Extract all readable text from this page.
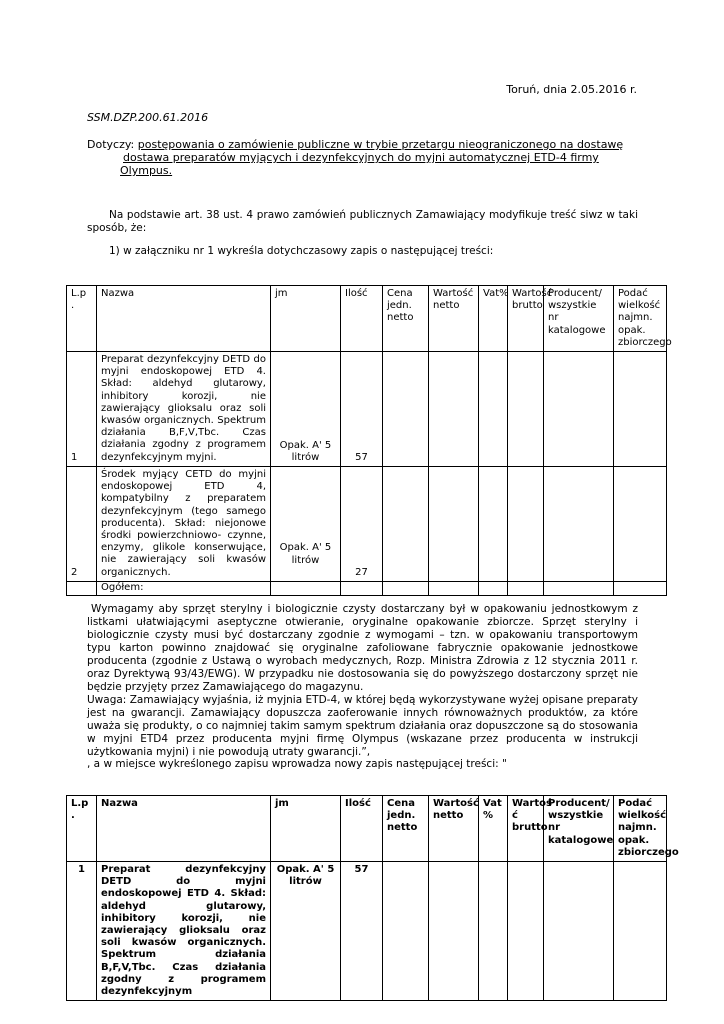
Toruń, dnia 2.05.2016 r.
SSM.DZP.200.61.2016
Dotyczy: postępowania o zamówienie publiczne w trybie przetargu nieograniczonego na dostawę
dostawa preparatów myjących i dezynfekcyjnych do myjni automatycznej ETD-4 firmy
Olympus.
Na podstawie art. 38 ust. 4 prawo zamówień publicznych Zamawiający modyfikuje treść siwz w taki sposób, że:
1) w załączniku nr 1 wykreśla dotychczasowy zapis o następującej treści:
L.p .	Nazwa	jm	Ilość	Cena jedn. netto	Wartość netto	Vat%	Wartość brutto	Producent/ wszystkie nr katalogowe	Podać wielkość najmn. opak. zbiorczego
1	Preparat dezynfekcyjny DETD do myjni endoskopowej ETD 4. Skład: aldehyd glutarowy, inhibitory korozji, nie zawierający glioksalu oraz soli kwasów organicznych. Spektrum działania B,F,V,Tbc. Czas działania zgodny z programem dezynfekcyjnym myjni.	Opak. A' 5 litrów	57						
2	Środek myjący CETD do myjni endoskopowej ETD 4, kompatybilny z preparatem dezynfekcyjnym (tego samego producenta). Skład: niejonowe środki powierzchniowo- czynne, enzymy, glikole konserwujące, nie zawierający soli kwasów organicznych.	Opak. A' 5 litrów	27						
	Ogółem:								
Wymagamy aby sprzęt sterylny i biologicznie czysty dostarczany był w opakowaniu jednostkowym z listkami ułatwiającymi aseptyczne otwieranie, oryginalne opakowanie zbiorcze. Sprzęt sterylny i biologicznie czysty musi być dostarczany zgodnie z wymogami – tzn. w opakowaniu transportowym typu karton powinno znajdować się oryginalne zafoliowane fabrycznie opakowanie jednostkowe producenta (zgodnie z Ustawą o wyrobach medycznych, Rozp. Ministra Zdrowia z 12 stycznia 2011 r. oraz Dyrektywą 93/43/EWG). W przypadku nie dostosowania się do powyższego dostarczony sprzęt nie będzie przyjęty przez Zamawiającego do magazynu.
Uwaga: Zamawiający wyjaśnia, iż myjnia ETD-4, w której będą wykorzystywane wyżej opisane preparaty jest na gwarancji. Zamawiający dopuszcza zaoferowanie innych równoważnych produktów, za które uważa się produkty, o co najmniej takim samym spektrum działania oraz dopuszczone są do stosowania w myjni ETD4 przez producenta myjni firmę Olympus (wskazane przez producenta w instrukcji użytkowania myjni) i nie powodują utraty gwarancji.”,
, a w miejsce wykreślonego zapisu wprowadza nowy zapis następującej treści: "
L.p .	Nazwa	jm	Ilość	Cena jedn. netto	Wartość netto	Vat %	Wartoś ć brutto	Producent/ wszystkie nr katalogowe	Podać wielkość najmn. opak. zbiorczego
1	Preparat dezynfekcyjny DETD do myjni endoskopowej ETD 4. Skład: aldehyd glutarowy, inhibitory korozji, nie zawierający glioksalu oraz soli kwasów organicznych. Spektrum działania B,F,V,Tbc. Czas działania zgodny z programem dezynfekcyjnym	Opak. A' 5 litrów	57						
